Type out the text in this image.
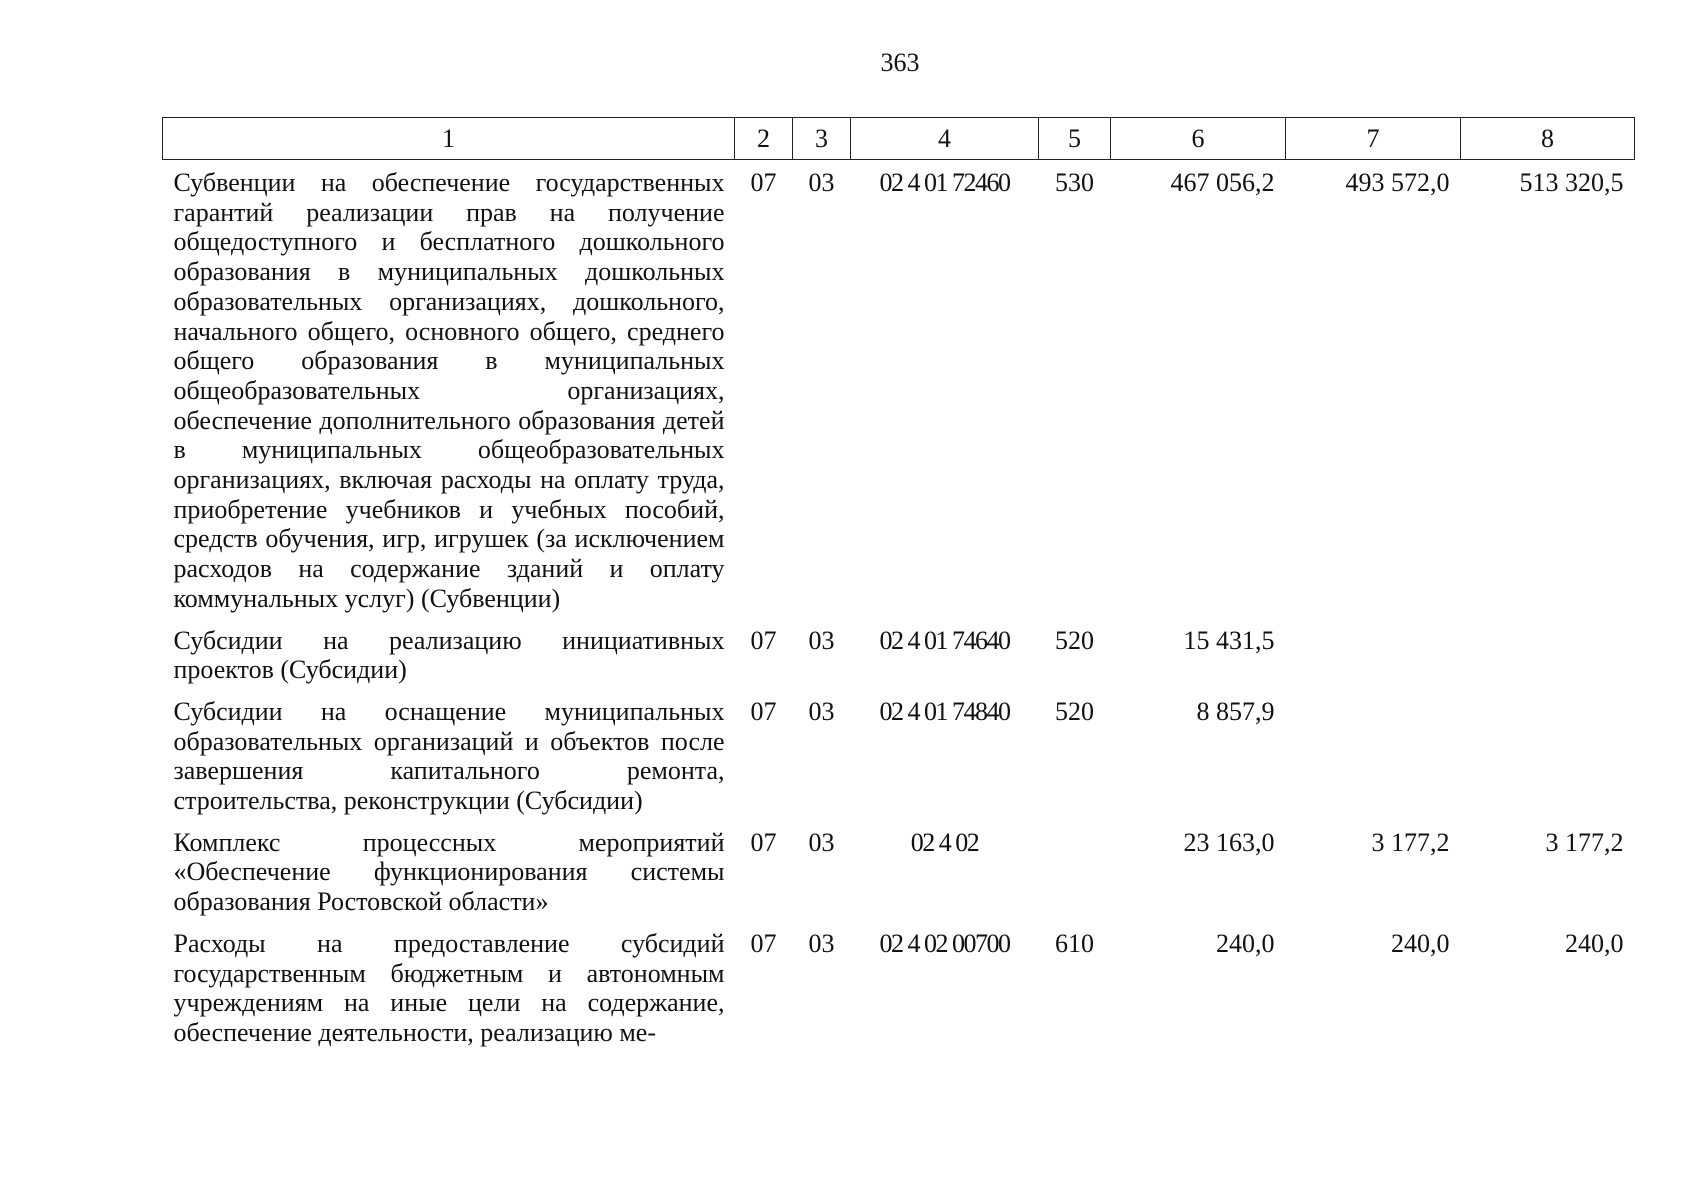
363
1	2	3	4	5	6	7	8
Субвенции на обеспечение государственных гарантий реализации прав на получение общедоступного и бесплатного дошкольного образования в муниципальных дошкольных образовательных организациях, дошкольного, начального общего, основного общего, среднего общего образования в муниципальных общеобразовательных организациях, обеспечение дополнительного образования детей в муниципальных общеобразовательных организациях, включая расходы на оплату труда, приобретение учебников и учебных пособий, средств обучения, игр, игрушек (за исключением расходов на содержание зданий и оплату коммунальных услуг) (Субвенции)	07	03	02 4 01 72460	530	467 056,2	493 572,0	513 320,5
Субсидии на реализацию инициативных проектов (Субсидии)	07	03	02 4 01 74640	520	15 431,5		
Субсидии на оснащение муниципальных образовательных организаций и объектов после завершения капитального ремонта, строительства, реконструкции (Субсидии)	07	03	02 4 01 74840	520	8 857,9		
Комплекс процессных мероприятий «Обеспечение функционирования системы образования Ростовской области»	07	03	02 4 02		23 163,0	3 177,2	3 177,2
Расходы на предоставление субсидий государственным бюджетным и автономным учреждениям на иные цели на содержание, обеспечение деятельности, реализацию ме-	07	03	02 4 02 00700	610	240,0	240,0	240,0
